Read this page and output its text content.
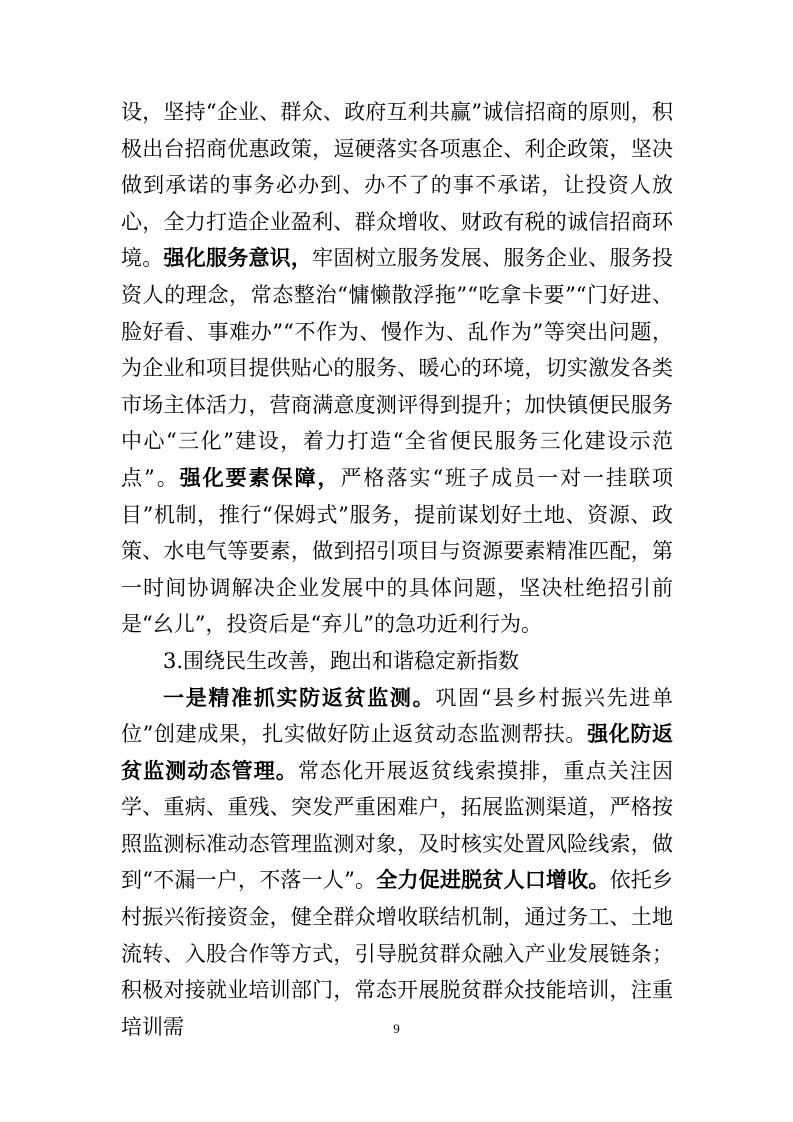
设，坚持“企业、群众、政府互利共赢”诚信招商的原则，积极出台招商优惠政策，逗硬落实各项惠企、利企政策，坚决做到承诺的事务必办到、办不了的事不承诺，让投资人放心，全力打造企业盈利、群众增收、财政有税的诚信招商环境。强化服务意识，牢固树立服务发展、服务企业、服务投资人的理念，常态整治“慵懒散浮拖”“吃拿卡要”“门好进、脸好看、事难办”“不作为、慢作为、乱作为”等突出问题，为企业和项目提供贴心的服务、暖心的环境，切实激发各类市场主体活力，营商满意度测评得到提升；加快镇便民服务中心“三化”建设，着力打造“全省便民服务三化建设示范点”。强化要素保障，严格落实“班子成员一对一挂联项目”机制，推行“保姆式”服务，提前谋划好土地、资源、政策、水电气等要素，做到招引项目与资源要素精准匹配，第一时间协调解决企业发展中的具体问题，坚决杜绝招引前是“幺儿”，投资后是“弃儿”的急功近利行为。

3.围绕民生改善，跑出和谐稳定新指数

一是精准抓实防返贫监测。巩固“县乡村振兴先进单位”创建成果，扎实做好防止返贫动态监测帮扶。强化防返贫监测动态管理。常态化开展返贫线索摸排，重点关注因学、重病、重残、突发严重困难户，拓展监测渠道，严格按照监测标准动态管理监测对象，及时核实处置风险线索，做到“不漏一户，不落一人”。全力促进脱贫人口增收。依托乡村振兴衔接资金，健全群众增收联结机制，通过务工、土地流转、入股合作等方式，引导脱贫群众融入产业发展链条；积极对接就业培训部门，常态开展脱贫群众技能培训，注重培训需	9
